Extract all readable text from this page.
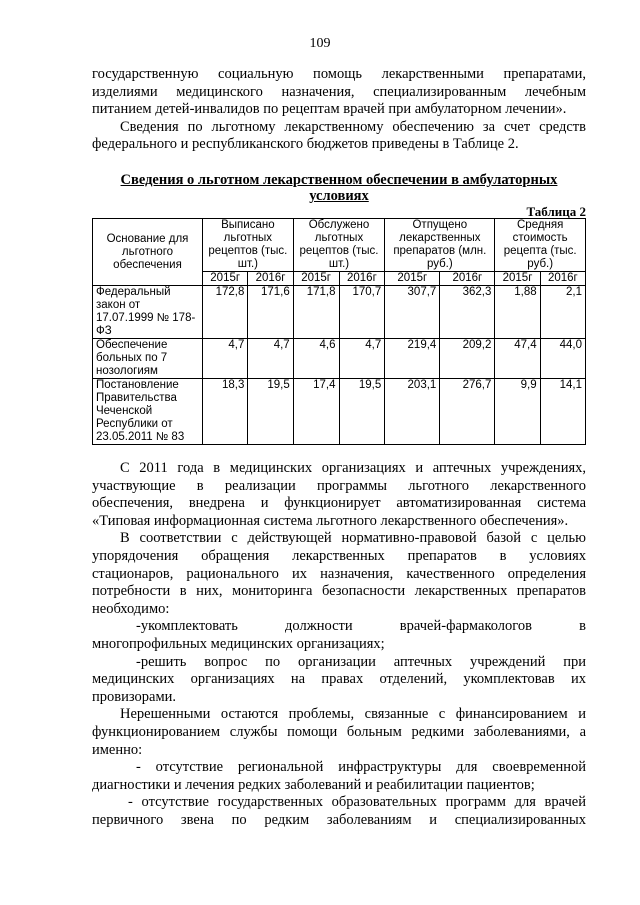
109
государственную социальную помощь лекарственными препаратами,
изделиями медицинского назначения, специализированным лечебным
питанием детей-инвалидов по рецептам врачей при амбулаторном лечении».
Сведения по льготному лекарственному обеспечению за счет средств
федерального и республиканского бюджетов приведены в Таблице 2.
Сведения о льготном лекарственном обеспечении в амбулаторных условиях
Таблица 2
Основание для льготного обеспечения	Выписано льготных рецептов (тыс. шт.)		Обслужено льготных рецептов (тыс. шт.)		Отпущено лекарственных препаратов (млн. руб.)		Средняя стоимость рецепта (тыс. руб.)	
	2015г	2016г	2015г	2016г	2015г	2016г	2015г	2016г
Федеральный закон от 17.07.1999 № 178-ФЗ	172,8	171,6	171,8	170,7	307,7	362,3	1,88	2,1
Обеспечение больных по 7 нозологиям	4,7	4,7	4,6	4,7	219,4	209,2	47,4	44,0
Постановление Правительства Чеченской Республики от 23.05.2011 № 83	18,3	19,5	17,4	19,5	203,1	276,7	9,9	14,1
С 2011 года в медицинских организациях и аптечных учреждениях,
участвующие в реализации программы льготного лекарственного
обеспечения, внедрена и функционирует автоматизированная система
«Типовая информационная система льготного лекарственного обеспечения».
В соответствии с действующей нормативно-правовой базой с целью
упорядочения обращения лекарственных препаратов в условиях
стационаров, рационального их назначения, качественного определения
потребности в них, мониторинга безопасности лекарственных препаратов
необходимо:
-укомплектовать должности врачей-фармакологов в
многопрофильных медицинских организациях;
-решить вопрос по организации аптечных учреждений при
медицинских организациях на правах отделений, укомплектовав их
провизорами.
Нерешенными остаются проблемы, связанные с финансированием и
функционированием службы помощи больным редкими заболеваниями, а
именно:
- отсутствие региональной инфраструктуры для своевременной
диагностики и лечения редких заболеваний и реабилитации пациентов;
- отсутствие государственных образовательных программ для врачей
первичного звена по редким заболеваниям и специализированных
